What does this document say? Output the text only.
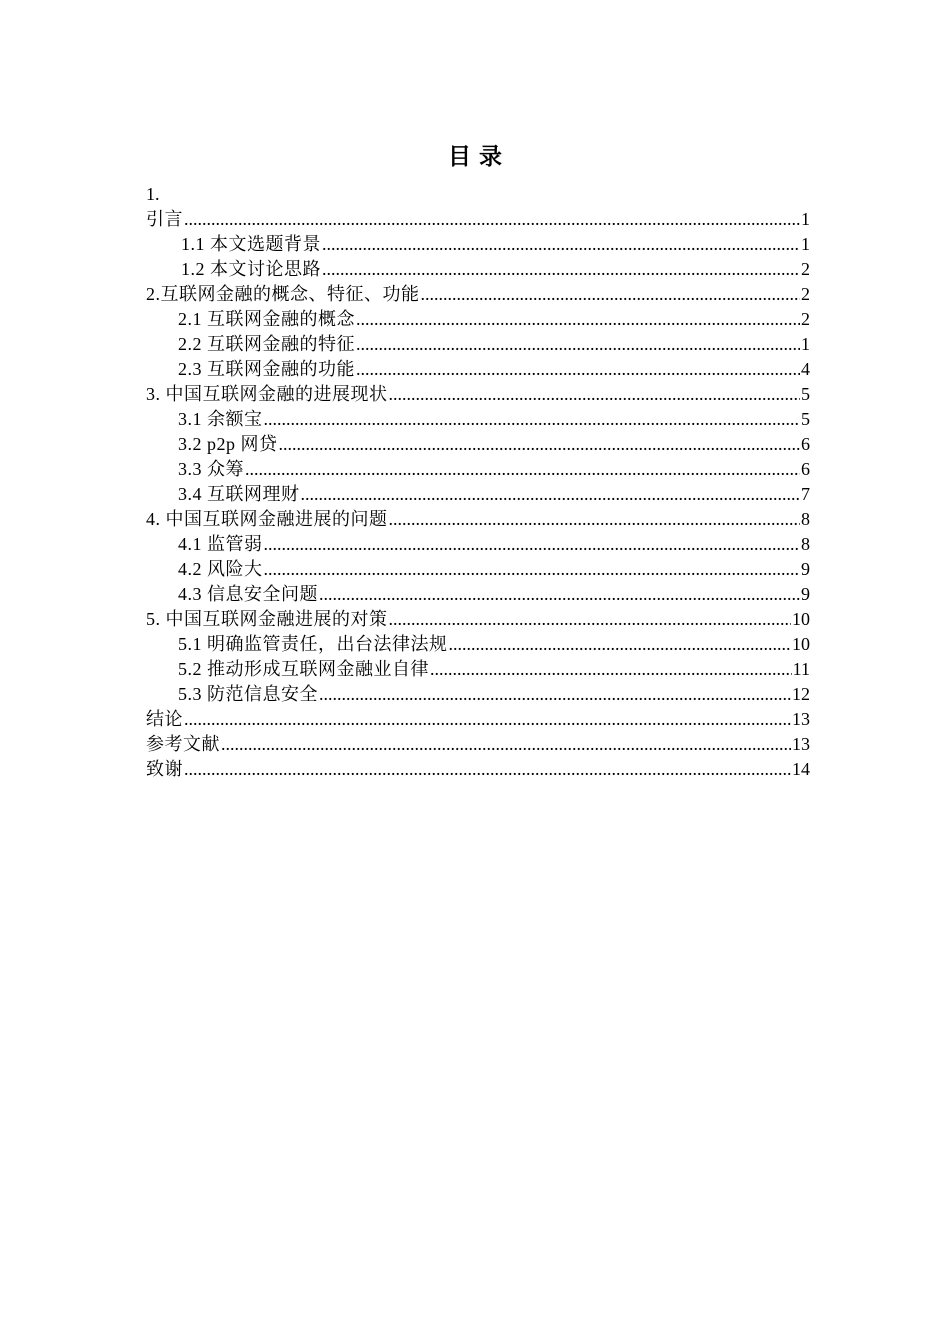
目 录
1.
引言 .....	1
1.1 本文选题背景 .....	1
1.2 本文讨论思路 .....	2
2.互联网金融的概念、特征、功能 .....	2
2.1 互联网金融的概念 .....	2
2.2 互联网金融的特征 .....	1
2.3 互联网金融的功能 .....	4
3. 中国互联网金融的进展现状 .....	5
3.1 余额宝 .....	5
3.2 p2p 网贷 .....	6
3.3 众筹 .....	6
3.4 互联网理财 .....	7
4. 中国互联网金融进展的问题 .....	8
4.1 监管弱 .....	8
4.2 风险大 .....	9
4.3 信息安全问题 .....	9
5. 中国互联网金融进展的对策 .....	10
5.1 明确监管责任，出台法律法规 .....	10
5.2 推动形成互联网金融业自律 .....	11
5.3 防范信息安全 .....	12
结论 .....	13
参考文献 .....	13
致谢 .....	14
